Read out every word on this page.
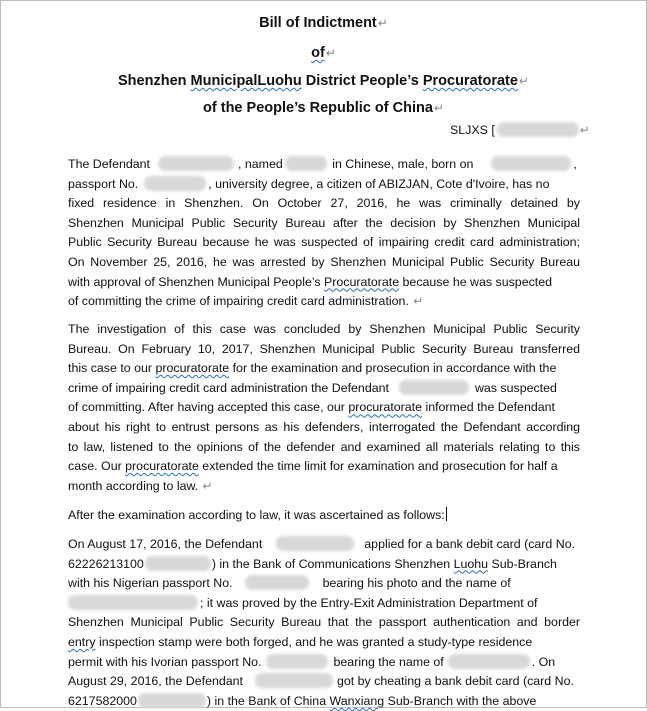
Bill of Indictment↵
of↵
Shenzhen MunicipalLuohu District People’s Procuratorate↵
of the People’s Republic of China↵
SLJXS [	↵
The Defendant	, named	in Chinese, male, born on	,
passport No.	, university degree, a citizen of ABIZJAN, Cote d'Ivoire, has no
fixed residence in Shenzhen. On October 27, 2016, he was criminally detained by
Shenzhen Municipal Public Security Bureau after the decision by Shenzhen Municipal
Public Security Bureau because he was suspected of impairing credit card administration;
On November 25, 2016, he was arrested by Shenzhen Municipal Public Security Bureau
with approval of Shenzhen Municipal People’s Procuratorate because he was suspected
of committing the crime of impairing credit card administration. ↵
The investigation of this case was concluded by Shenzhen Municipal Public Security
Bureau. On February 10, 2017, Shenzhen Municipal Public Security Bureau transferred
this case to our procuratorate for the examination and prosecution in accordance with the
crime of impairing credit card administration the Defendant	was suspected
of committing. After having accepted this case, our procuratorate informed the Defendant
about his right to entrust persons as his defenders, interrogated the Defendant according
to law, listened to the opinions of the defender and examined all materials relating to this
case. Our procuratorate extended the time limit for examination and prosecution for half a
month according to law. ↵
After the examination according to law, it was ascertained as follows:
On August 17, 2016, the Defendant	applied for a bank debit card (card No.
62226213100	) in the Bank of Communications Shenzhen Luohu Sub-Branch
with his Nigerian passport No.	bearing his photo and the name of
; it was proved by the Entry-Exit Administration Department of
Shenzhen Municipal Public Security Bureau that the passport authentication and border
entry inspection stamp were both forged, and he was granted a study-type residence
permit with his Ivorian passport No.	bearing the name of	. On
August 29, 2016, the Defendant	got by cheating a bank debit card (card No.
6217582000	) in the Bank of China Wanxiang Sub-Branch with the above
